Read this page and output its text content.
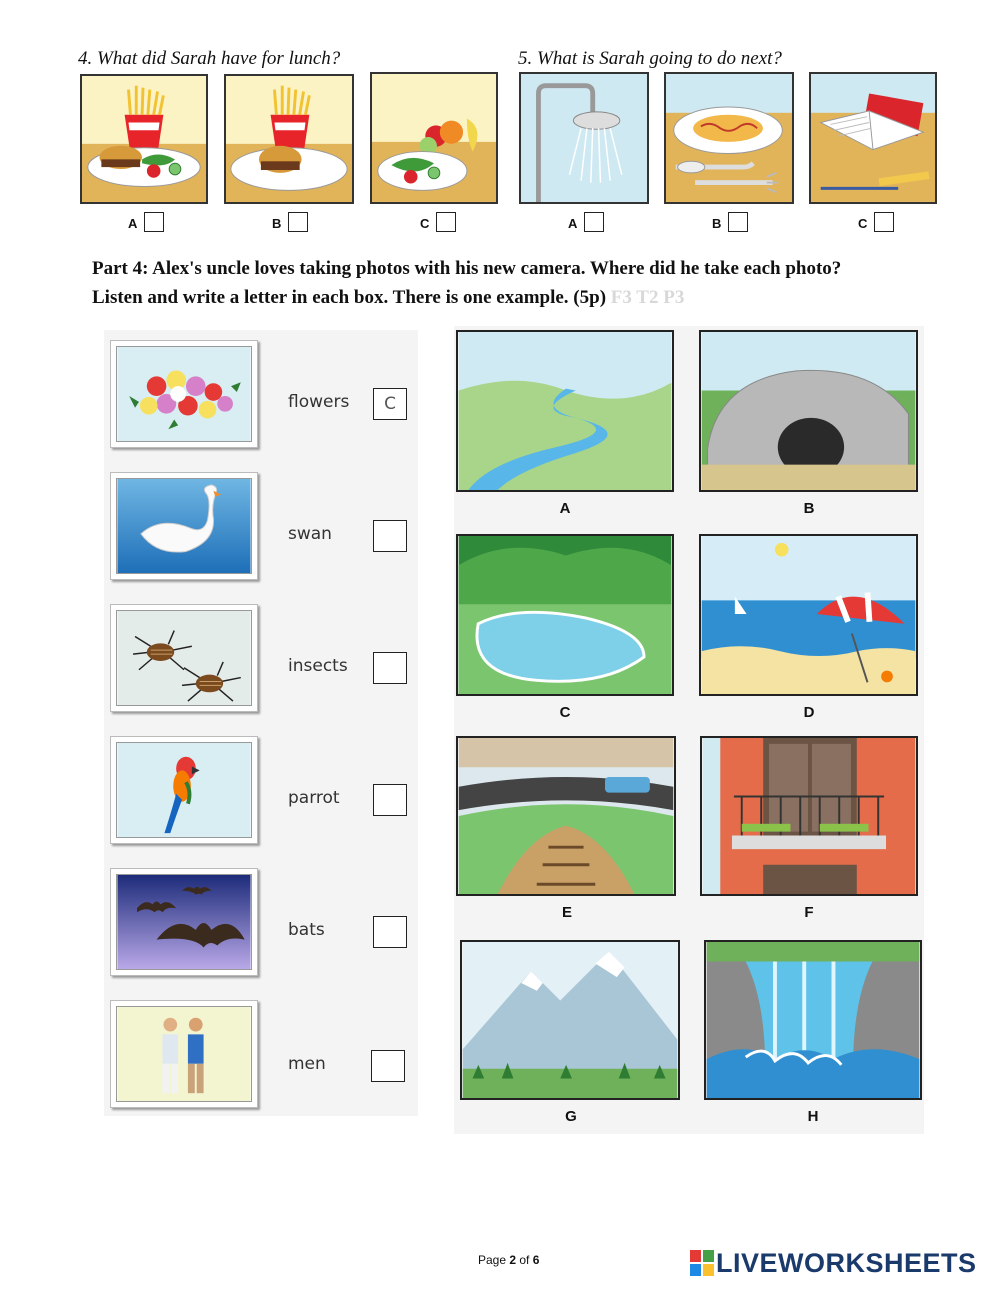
4. What did Sarah have for lunch?
A	B	C
5. What is Sarah going to do next?
A	B	C
Part 4: Alex's uncle loves taking photos with his new camera. Where did he take each photo? Listen and write a letter in each box. There is one example. (5p) F3 T2 P3
flowers	C
swan
insects
parrot
bats
men
A	B
C	D
E	F
G	H
Page 2 of 6	LIVEWORKSHEETS
